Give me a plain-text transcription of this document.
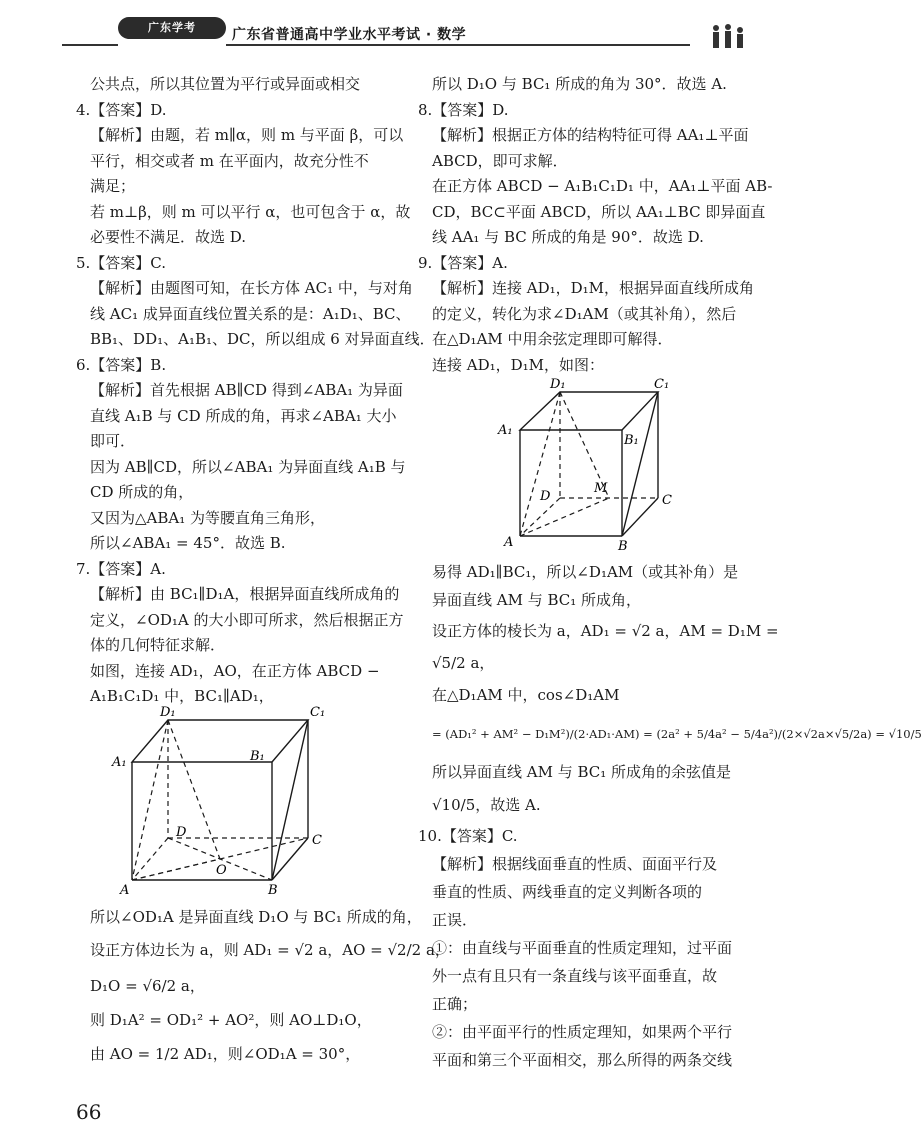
广东学考	广东省普通高中学业水平考试 · 数学
公共点，所以其位置为平行或异面或相交
4.【答案】D.
【解析】由题，若 m∥α，则 m 与平面 β，可以
平行，相交或者 m 在平面内，故充分性不
满足；
若 m⊥β，则 m 可以平行 α，也可包含于 α，故
必要性不满足．故选 D.
5.【答案】C.
【解析】由题图可知，在长方体 AC₁ 中，与对角
线 AC₁ 成异面直线位置关系的是：A₁D₁、BC、
BB₁、DD₁、A₁B₁、DC，所以组成 6 对异面直线．
6.【答案】B.
【解析】首先根据 AB∥CD 得到∠ABA₁ 为异面
直线 A₁B 与 CD 所成的角，再求∠ABA₁ 大小
即可．
因为 AB∥CD，所以∠ABA₁ 为异面直线 A₁B 与
CD 所成的角，
又因为△ABA₁ 为等腰直角三角形，
所以∠ABA₁ = 45°．故选 B.
7.【答案】A.
【解析】由 BC₁∥D₁A，根据异面直线所成角的
定义，∠OD₁A 的大小即可所求，然后根据正方
体的几何特征求解．
如图，连接 AD₁，AO，在正方体 ABCD −
A₁B₁C₁D₁ 中，BC₁∥AD₁，
D₁	C₁
A₁	B₁
D
C
O
A	B
所以∠OD₁A 是异面直线 D₁O 与 BC₁ 所成的角，
设正方体边长为 a，则 AD₁ = √2 a，AO = √2/2 a，
D₁O = √6/2 a，
则 D₁A² = OD₁² + AO²，则 AO⊥D₁O，
由 AO = 1/2 AD₁，则∠OD₁A = 30°，
所以 D₁O 与 BC₁ 所成的角为 30°．故选 A.
8.【答案】D.
【解析】根据正方体的结构特征可得 AA₁⊥平面
ABCD，即可求解．
在正方体 ABCD − A₁B₁C₁D₁ 中，AA₁⊥平面 AB-
CD，BC⊂平面 ABCD，所以 AA₁⊥BC 即异面直
线 AA₁ 与 BC 所成的角是 90°．故选 D.
9.【答案】A.
【解析】连接 AD₁，D₁M，根据异面直线所成角
的定义，转化为求∠D₁AM（或其补角），然后
在△D₁AM 中用余弦定理即可解得．
连接 AD₁，D₁M，如图：
D₁	C₁
A₁
B₁
D
M
C
A	B
易得 AD₁∥BC₁，所以∠D₁AM（或其补角）是
异面直线 AM 与 BC₁ 所成角，
设正方体的棱长为 a，AD₁ = √2 a，AM = D₁M =
√5/2 a，
在△D₁AM 中，cos∠D₁AM
= (AD₁² + AM² − D₁M²)/(2·AD₁·AM) = (2a² + 5/4a² − 5/4a²)/(2×√2a×√5/2a) = √10/5
所以异面直线 AM 与 BC₁ 所成角的余弦值是
√10/5，故选 A.
10.【答案】C.
【解析】根据线面垂直的性质、面面平行及
垂直的性质、两线垂直的定义判断各项的
正误．
①：由直线与平面垂直的性质定理知，过平面
外一点有且只有一条直线与该平面垂直，故
正确；
②：由平面平行的性质定理知，如果两个平行
平面和第三个平面相交，那么所得的两条交线
66
